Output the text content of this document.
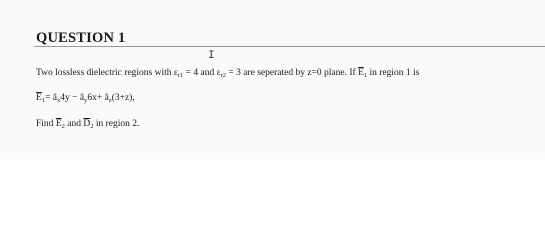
QUESTION 1
I
Two lossless dielectric regions with $\varepsilon_{r1} = 4$ and $\varepsilon_{r2} = 3$ are seperated by z=0 plane. If $\overline{E}_1$ in region 1 is
$\overline{E}_1=$ $â_x4y$ − $â_y6x+$ $â_z(3+z)$,
Find $\overline{E}_2$ and $\overline{D}_2$ in region 2.
